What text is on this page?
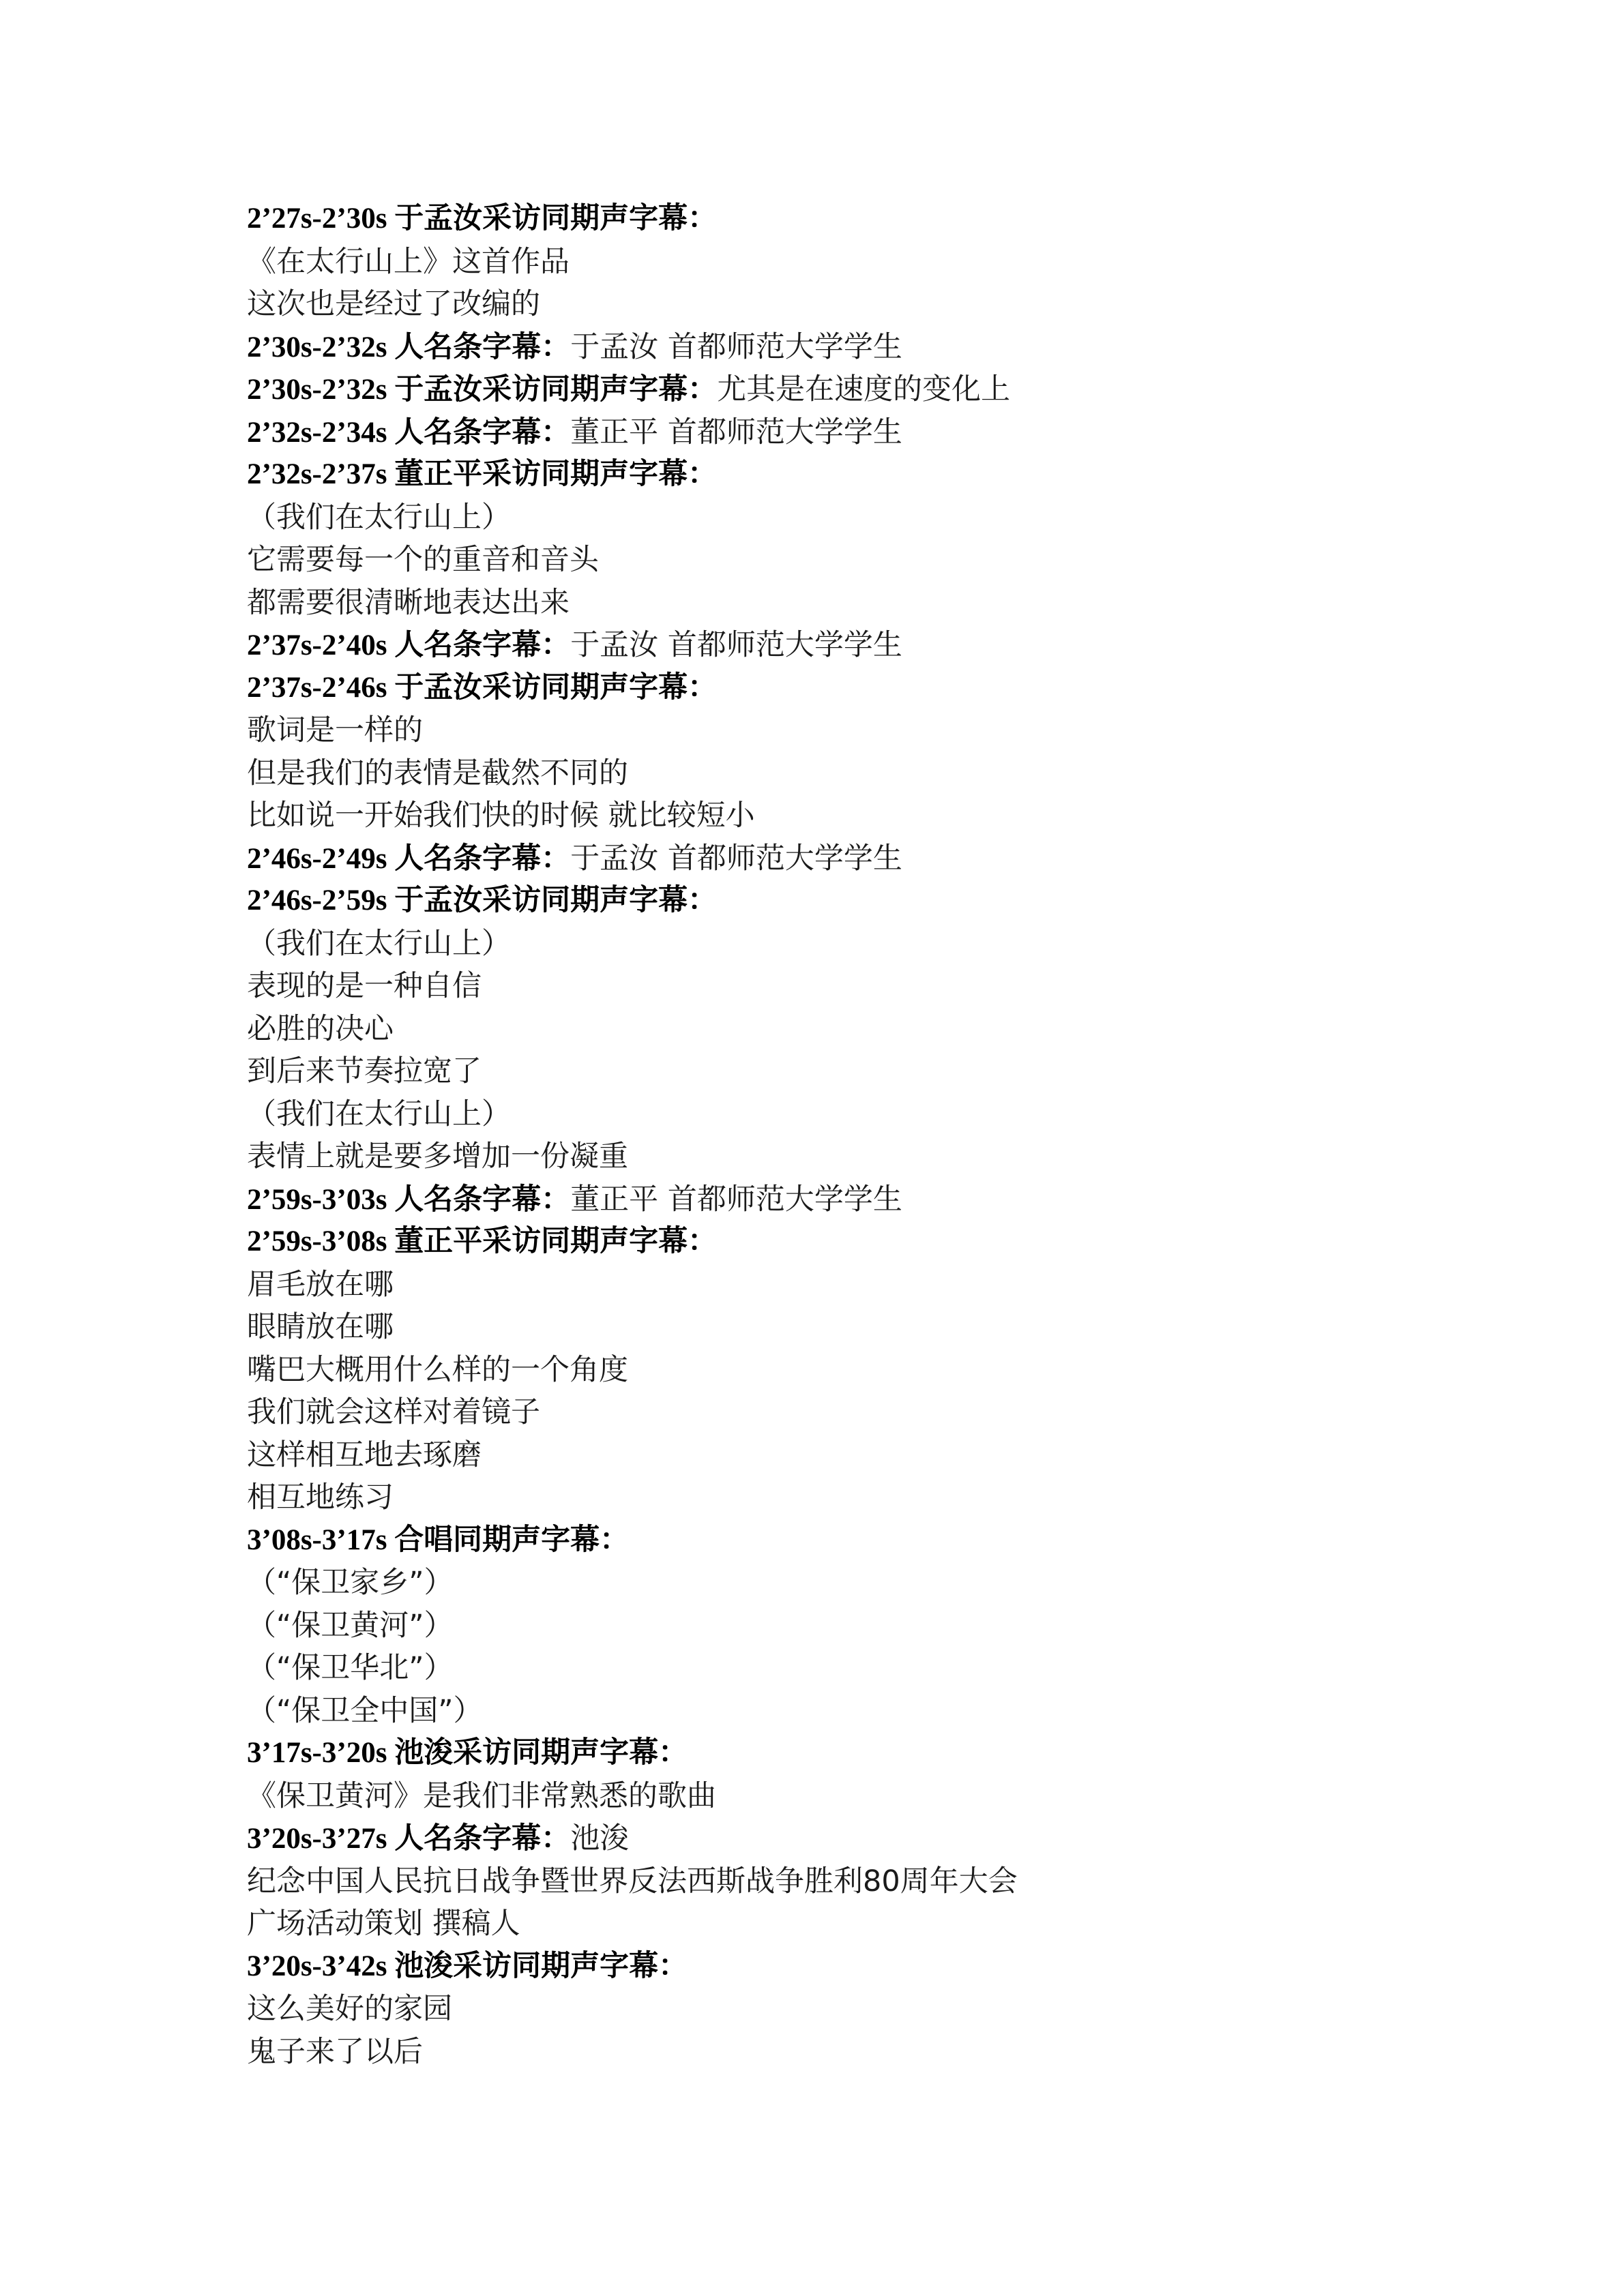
2’27s-2’30s 于孟汝采访同期声字幕：
《在太行山上》这首作品
这次也是经过了改编的
2’30s-2’32s 人名条字幕：于孟汝 首都师范大学学生
2’30s-2’32s 于孟汝采访同期声字幕：尤其是在速度的变化上
2’32s-2’34s 人名条字幕：董正平 首都师范大学学生
2’32s-2’37s 董正平采访同期声字幕：
（我们在太行山上）
它需要每一个的重音和音头
都需要很清晰地表达出来
2’37s-2’40s 人名条字幕：于孟汝 首都师范大学学生
2’37s-2’46s 于孟汝采访同期声字幕：
歌词是一样的
但是我们的表情是截然不同的
比如说一开始我们快的时候 就比较短小
2’46s-2’49s 人名条字幕：于孟汝 首都师范大学学生
2’46s-2’59s 于孟汝采访同期声字幕：
（我们在太行山上）
表现的是一种自信
必胜的决心
到后来节奏拉宽了
（我们在太行山上）
表情上就是要多增加一份凝重
2’59s-3’03s 人名条字幕：董正平 首都师范大学学生
2’59s-3’08s 董正平采访同期声字幕：
眉毛放在哪
眼睛放在哪
嘴巴大概用什么样的一个角度
我们就会这样对着镜子
这样相互地去琢磨
相互地练习
3’08s-3’17s 合唱同期声字幕：
（“保卫家乡”）
（“保卫黄河”）
（“保卫华北”）
（“保卫全中国”）
3’17s-3’20s 池浚采访同期声字幕：
《保卫黄河》是我们非常熟悉的歌曲
3’20s-3’27s 人名条字幕：池浚
纪念中国人民抗日战争暨世界反法西斯战争胜利80周年大会
广场活动策划 撰稿人
3’20s-3’42s 池浚采访同期声字幕：
这么美好的家园
鬼子来了以后
